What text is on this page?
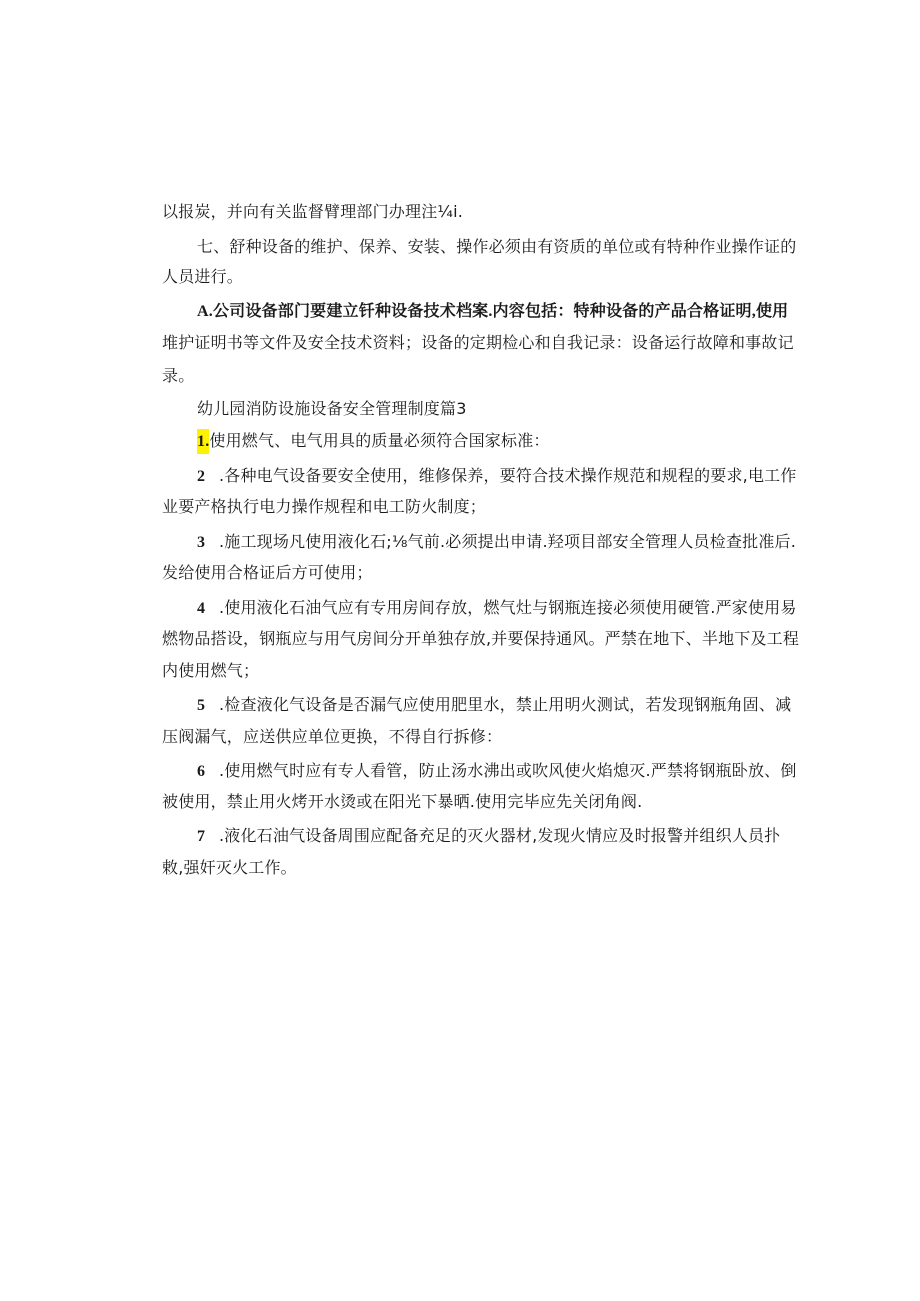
以报炭，并向有关监督臂理部门办理注¼i.
七、舒种设备的维护、保养、安装、操作必须由有资质的单位或有特种作业操作证的
人员进行。
A.公司设备部门要建立钎种设备技术档案.内容包括：特种设备的产品合格证明,使用
堆护证明书等文件及安全技术资料；设备的定期检心和自我记录：设备运行故障和事故记
录。
幼儿园消防设施设备安全管理制度篇3
1.使用燃气、电气用具的质量必须符合国家标准：
2 .各种电气设备要安全使用，维修保养，要符合技术操作规范和规程的要求,电工作
业要产格执行电力操作规程和电工防火制度；
3 .施工现场凡使用液化石;⅛气前.必须提出申请.羟项目部安全管理人员检查批准后.
发给使用合格证后方可使用；
4 .使用液化石油气应有专用房间存放，燃气灶与钢瓶连接必须使用硬管.严家使用易
燃物品搭设，钢瓶应与用气房间分开单独存放,并要保持通风。严禁在地下、半地下及工程
内使用燃气；
5 .检查液化气设备是否漏气应使用肥里水，禁止用明火测试，若发现钢瓶角固、减
压阀漏气，应送供应单位更换，不得自行拆修：
6 .使用燃气时应有专人看管，防止汤水沸出或吹风使火焰熄灭.严禁将钢瓶卧放、倒
被使用，禁止用火烤开水烫或在阳光下暴晒.使用完毕应先关闭角阀.
7 .液化石油气设备周围应配备充足的灭火器材,发现火情应及时报警并组织人员扑
敕,强奸灭火工作。
